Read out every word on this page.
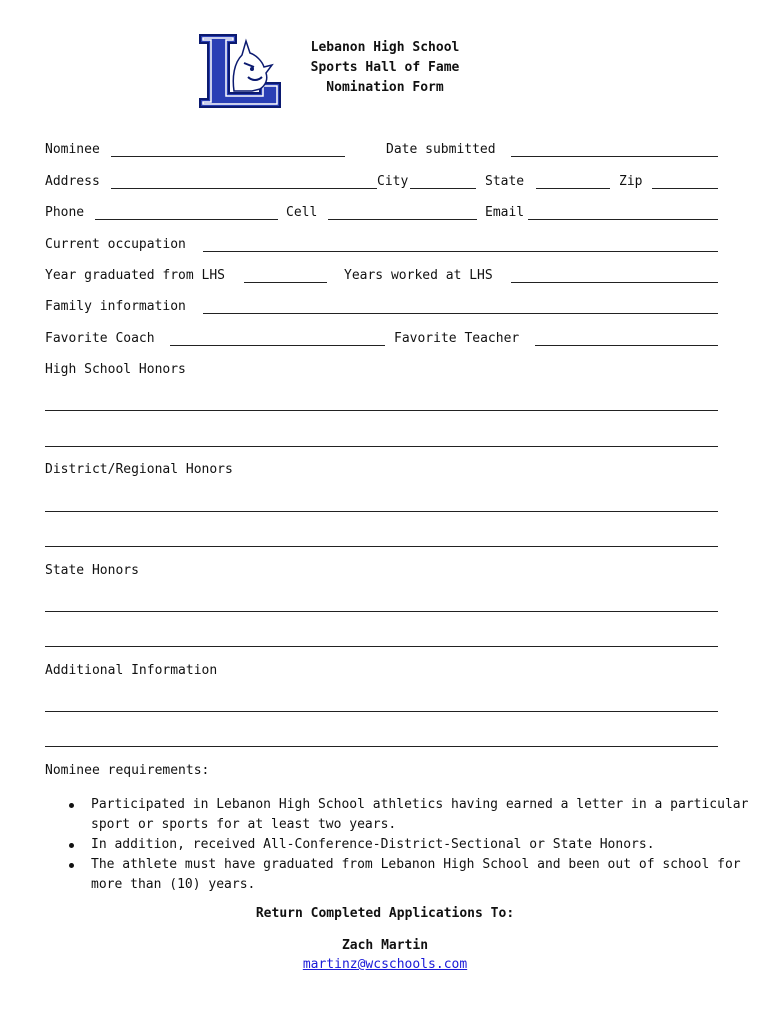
Lebanon High School
Sports Hall of Fame
Nomination Form
Nominee	Date submitted
Address	City	State	Zip
Phone	Cell	Email
Current occupation
Year graduated from LHS	Years worked at LHS
Family information
Favorite Coach	Favorite Teacher
High School Honors
District/Regional Honors
State Honors
Additional Information
Nominee requirements:
Participated in Lebanon High School athletics having earned a letter in a particular sport or sports for at least two years.
In addition, received All-Conference-District-Sectional or State Honors.
The athlete must have graduated from Lebanon High School and been out of school for more than (10) years.
Return Completed Applications To:
Zach Martin
martinz@wcschools.com
